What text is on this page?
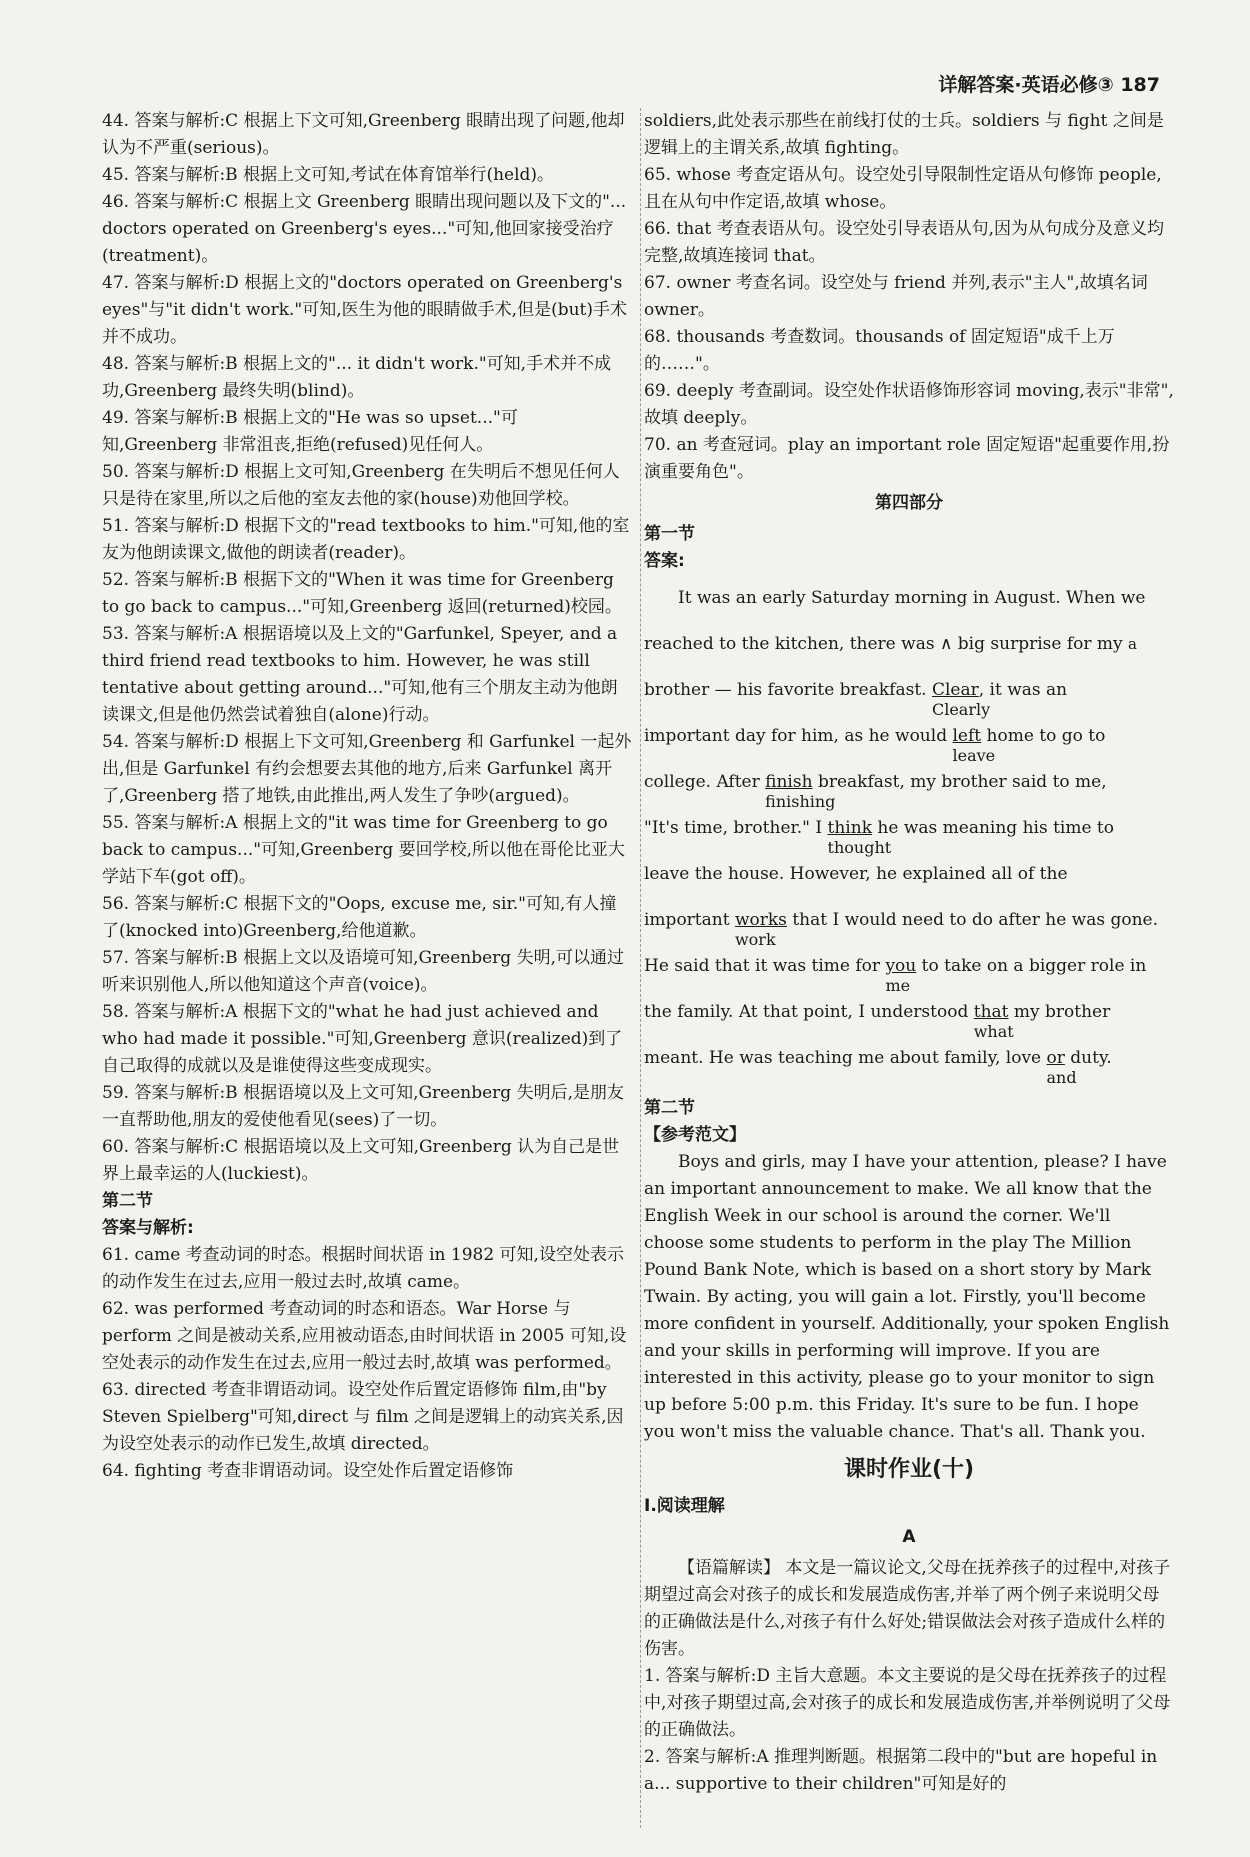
详解答案·英语必修③ 187
44. 答案与解析:C 根据上下文可知,Greenberg 眼睛出现了问题,他却认为不严重(serious)。
45. 答案与解析:B 根据上文可知,考试在体育馆举行(held)。
46. 答案与解析:C 根据上文 Greenberg 眼睛出现问题以及下文的"... doctors operated on Greenberg's eyes..."可知,他回家接受治疗(treatment)。
47. 答案与解析:D 根据上文的"doctors operated on Greenberg's eyes"与"it didn't work."可知,医生为他的眼睛做手术,但是(but)手术并不成功。
48. 答案与解析:B 根据上文的"... it didn't work."可知,手术并不成功,Greenberg 最终失明(blind)。
49. 答案与解析:B 根据上文的"He was so upset..."可知,Greenberg 非常沮丧,拒绝(refused)见任何人。
50. 答案与解析:D 根据上文可知,Greenberg 在失明后不想见任何人只是待在家里,所以之后他的室友去他的家(house)劝他回学校。
51. 答案与解析:D 根据下文的"read textbooks to him."可知,他的室友为他朗读课文,做他的朗读者(reader)。
52. 答案与解析:B 根据下文的"When it was time for Greenberg to go back to campus..."可知,Greenberg 返回(returned)校园。
53. 答案与解析:A 根据语境以及上文的"Garfunkel, Speyer, and a third friend read textbooks to him. However, he was still tentative about getting around..."可知,他有三个朋友主动为他朗读课文,但是他仍然尝试着独自(alone)行动。
54. 答案与解析:D 根据上下文可知,Greenberg 和 Garfunkel 一起外出,但是 Garfunkel 有约会想要去其他的地方,后来 Garfunkel 离开了,Greenberg 搭了地铁,由此推出,两人发生了争吵(argued)。
55. 答案与解析:A 根据上文的"it was time for Greenberg to go back to campus..."可知,Greenberg 要回学校,所以他在哥伦比亚大学站下车(got off)。
56. 答案与解析:C 根据下文的"Oops, excuse me, sir."可知,有人撞了(knocked into)Greenberg,给他道歉。
57. 答案与解析:B 根据上文以及语境可知,Greenberg 失明,可以通过听来识别他人,所以他知道这个声音(voice)。
58. 答案与解析:A 根据下文的"what he had just achieved and who had made it possible."可知,Greenberg 意识(realized)到了自己取得的成就以及是谁使得这些变成现实。
59. 答案与解析:B 根据语境以及上文可知,Greenberg 失明后,是朋友一直帮助他,朋友的爱使他看见(sees)了一切。
60. 答案与解析:C 根据语境以及上文可知,Greenberg 认为自己是世界上最幸运的人(luckiest)。
第二节
答案与解析:
61. came 考查动词的时态。根据时间状语 in 1982 可知,设空处表示的动作发生在过去,应用一般过去时,故填 came。
62. was performed 考查动词的时态和语态。War Horse 与 perform 之间是被动关系,应用被动语态,由时间状语 in 2005 可知,设空处表示的动作发生在过去,应用一般过去时,故填 was performed。
63. directed 考查非谓语动词。设空处作后置定语修饰 film,由"by Steven Spielberg"可知,direct 与 film 之间是逻辑上的动宾关系,因为设空处表示的动作已发生,故填 directed。
64. fighting 考查非谓语动词。设空处作后置定语修饰
soldiers,此处表示那些在前线打仗的士兵。soldiers 与 fight 之间是逻辑上的主谓关系,故填 fighting。
65. whose 考查定语从句。设空处引导限制性定语从句修饰 people,且在从句中作定语,故填 whose。
66. that 考查表语从句。设空处引导表语从句,因为从句成分及意义均完整,故填连接词 that。
67. owner 考查名词。设空处与 friend 并列,表示"主人",故填名词 owner。
68. thousands 考查数词。thousands of 固定短语"成千上万的……"。
69. deeply 考查副词。设空处作状语修饰形容词 moving,表示"非常",故填 deeply。
70. an 考查冠词。play an important role 固定短语"起重要作用,扮演重要角色"。
第四部分
第一节
答案:
It was an early Saturday morning in August. When we
reached to the kitchen, there was ∧ big surprise for my a
brother — his favorite breakfast. Clear
Clearly
, it was an
important day for him, as he would left
leave
home to go to
college. After finish
finishing
breakfast, my brother said to me,
"It's time, brother." I think
thought
he was meaning his time to
leave the house. However, he explained all of the
important works
work
that I would need to do after he was gone.
He said that it was time for you
me
to take on a bigger role in
the family. At that point, I understood that
what
my brother
meant. He was teaching me about family, love or
and
duty.
第二节
【参考范文】
Boys and girls, may I have your attention, please? I have an important announcement to make. We all know that the English Week in our school is around the corner. We'll choose some students to perform in the play The Million Pound Bank Note, which is based on a short story by Mark Twain. By acting, you will gain a lot. Firstly, you'll become more confident in yourself. Additionally, your spoken English and your skills in performing will improve. If you are interested in this activity, please go to your monitor to sign up before 5:00 p.m. this Friday. It's sure to be fun. I hope you won't miss the valuable chance. That's all. Thank you.
课时作业(十)
Ⅰ.阅读理解
A
【语篇解读】 本文是一篇议论文,父母在抚养孩子的过程中,对孩子期望过高会对孩子的成长和发展造成伤害,并举了两个例子来说明父母的正确做法是什么,对孩子有什么好处;错误做法会对孩子造成什么样的伤害。
1. 答案与解析:D 主旨大意题。本文主要说的是父母在抚养孩子的过程中,对孩子期望过高,会对孩子的成长和发展造成伤害,并举例说明了父母的正确做法。
2. 答案与解析:A 推理判断题。根据第二段中的"but are hopeful in a... supportive to their children"可知是好的
